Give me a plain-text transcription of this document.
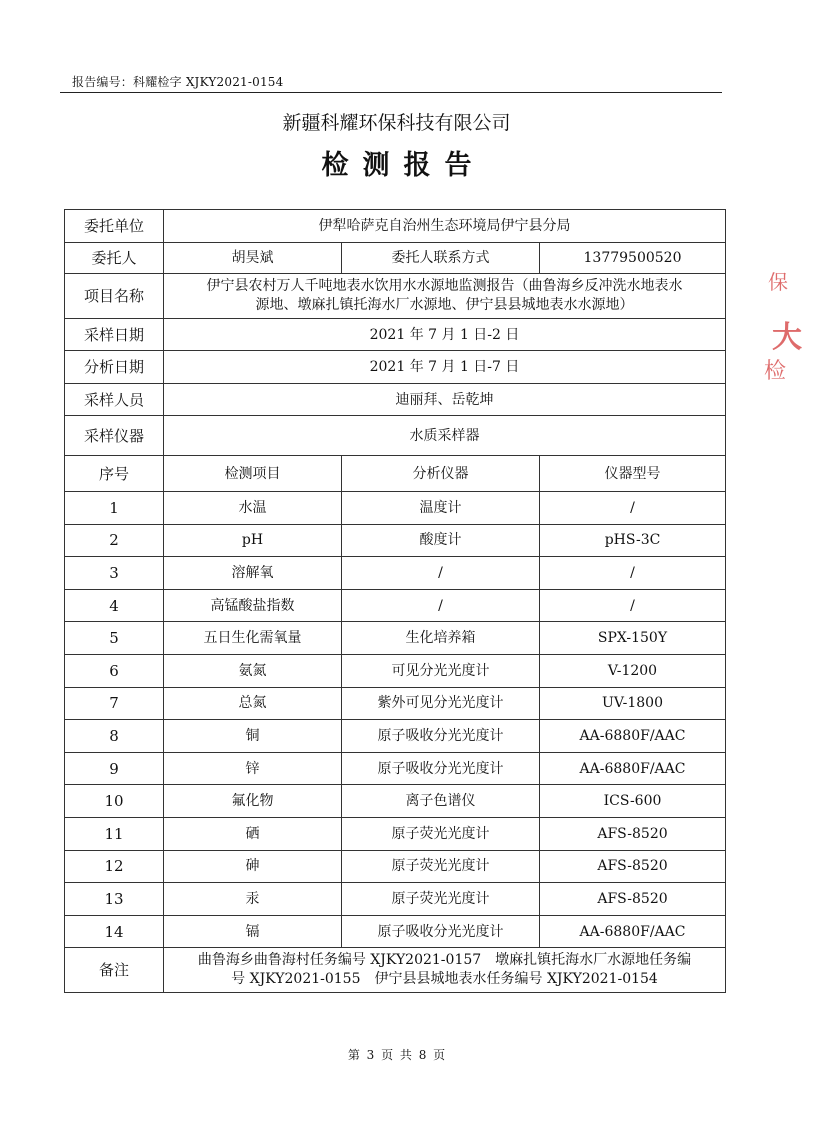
报告编号：科耀检字 XJKY2021-0154
新疆科耀环保科技有限公司
检测报告
委托单位	伊犁哈萨克自治州生态环境局伊宁县分局		
委托人	胡昊斌	委托人联系方式	13779500520
项目名称	伊宁县农村万人千吨地表水饮用水水源地监测报告（曲鲁海乡反冲洗水地表水
源地、墩麻扎镇托海水厂水源地、伊宁县县城地表水水源地）		

采样日期	2021 年 7 月 1 日-2 日		
分析日期	2021 年 7 月 1 日-7 日		
采样人员	迪丽拜、岳乾坤		
采样仪器	水质采样器		
序号	检测项目	分析仪器	仪器型号
1	水温	温度计	/
2	pH	酸度计	pHS-3C
3	溶解氧	/	/
4	高锰酸盐指数	/	/
5	五日生化需氧量	生化培养箱	SPX-150Y
6	氨氮	可见分光光度计	V-1200
7	总氮	紫外可见分光光度计	UV-1800
8	铜	原子吸收分光光度计	AA-6880F/AAC
9	锌	原子吸收分光光度计	AA-6880F/AAC
10	氟化物	离子色谱仪	ICS-600
11	硒	原子荧光光度计	AFS-8520
12	砷	原子荧光光度计	AFS-8520
13	汞	原子荧光光度计	AFS-8520
14	镉	原子吸收分光光度计	AA-6880F/AAC
备注	曲鲁海乡曲鲁海村任务编号 XJKY2021-0157　墩麻扎镇托海水厂水源地任务编
号 XJKY2021-0155　伊宁县县城地表水任务编号 XJKY2021-0154		
保
大
检
第 3 页 共 8 页
